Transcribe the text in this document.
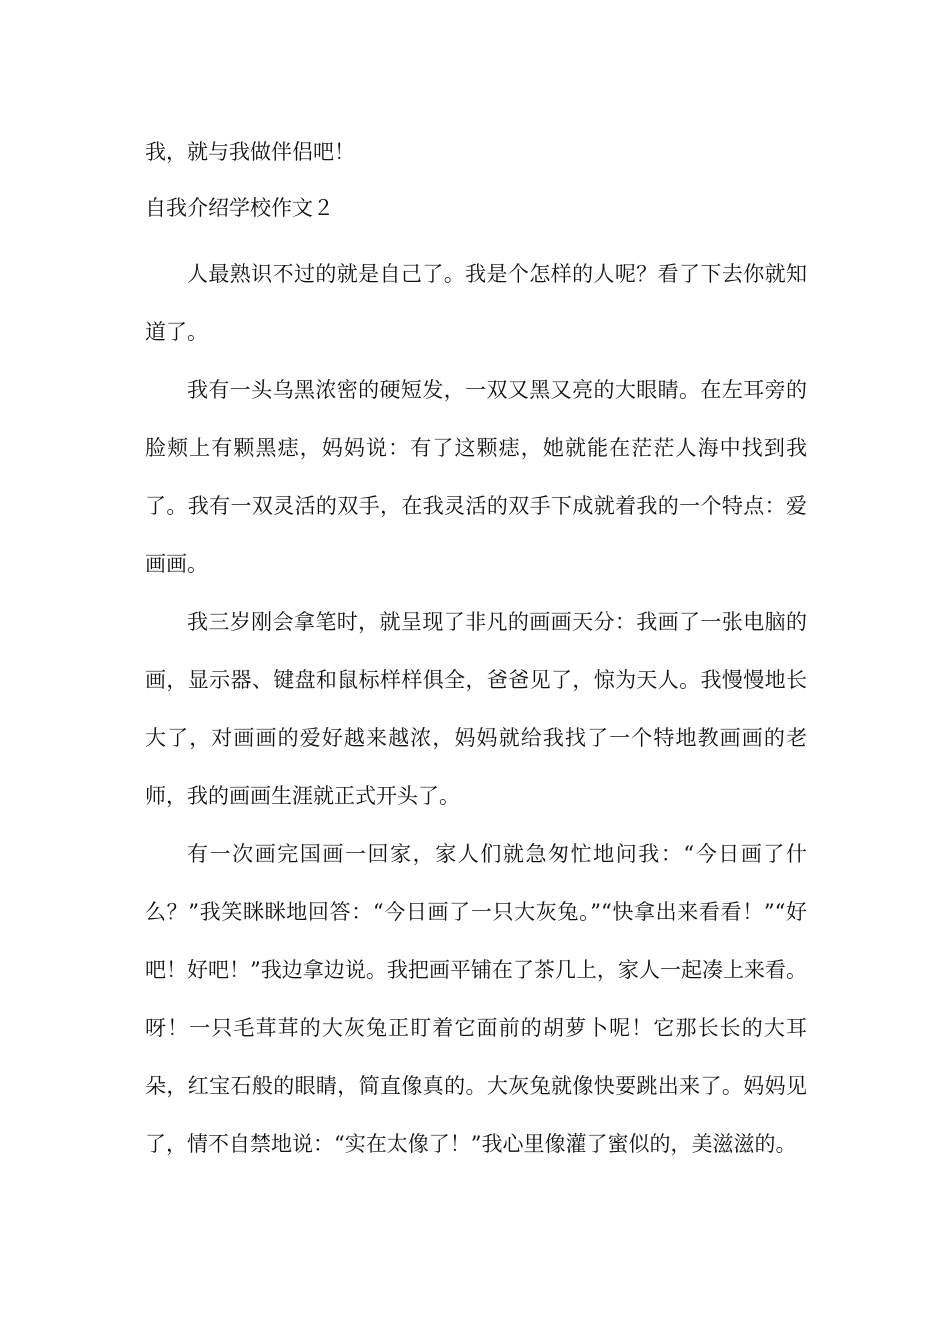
我，就与我做伴侣吧！

自我介绍学校作文２

人最熟识不过的就是自己了。我是个怎样的人呢？看了下去你就知道了。

我有一头乌黑浓密的硬短发，一双又黑又亮的大眼睛。在左耳旁的脸颊上有颗黑痣，妈妈说：有了这颗痣，她就能在茫茫人海中找到我了。我有一双灵活的双手，在我灵活的双手下成就着我的一个特点：爱画画。

我三岁刚会拿笔时，就呈现了非凡的画画天分：我画了一张电脑的画，显示器、键盘和鼠标样样俱全，爸爸见了，惊为天人。我慢慢地长大了，对画画的爱好越来越浓，妈妈就给我找了一个特地教画画的老师，我的画画生涯就正式开头了。

有一次画完国画一回家，家人们就急匆忙地问我：“今日画了什么？”我笑眯眯地回答：“今日画了一只大灰兔。”“快拿出来看看！”“好吧！好吧！”我边拿边说。我把画平铺在了茶几上，家人一起凑上来看。呀！一只毛茸茸的大灰兔正盯着它面前的胡萝卜呢！它那长长的大耳朵，红宝石般的眼睛，简直像真的。大灰兔就像快要跳出来了。妈妈见了，情不自禁地说：“实在太像了！”我心里像灌了蜜似的，美滋滋的。
